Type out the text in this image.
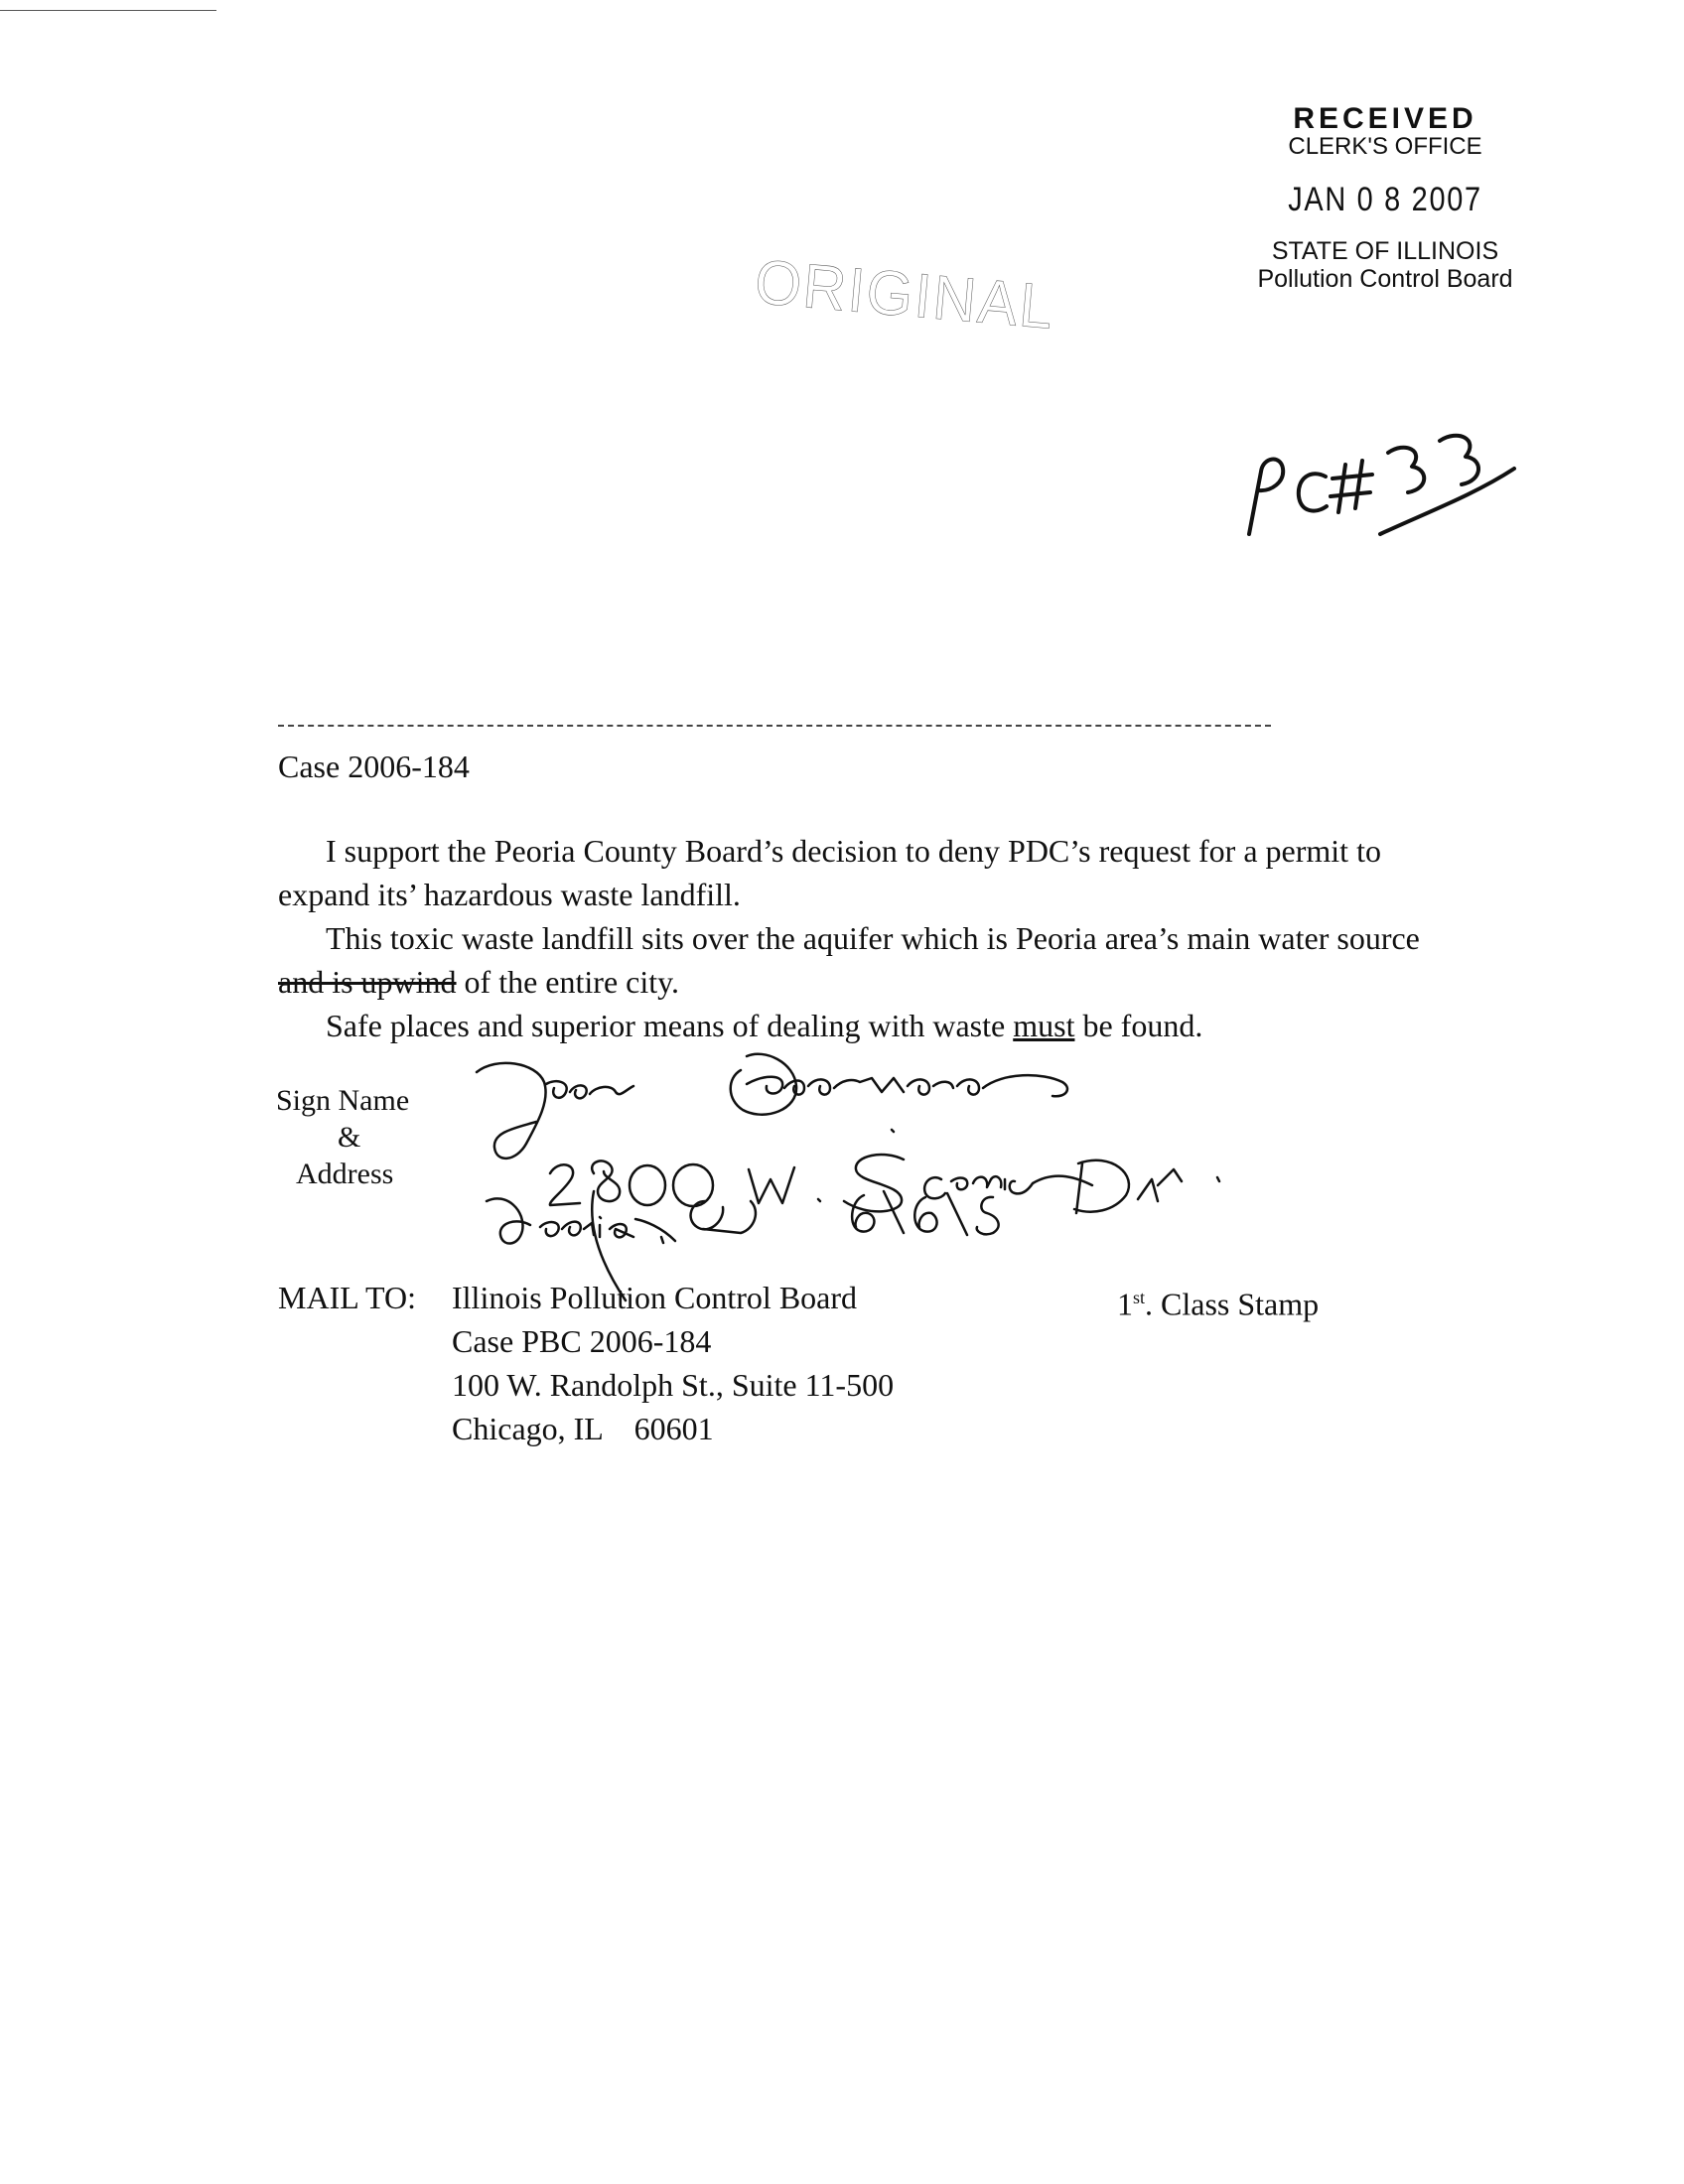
RECEIVED
CLERK'S OFFICE
JAN 0 8 2007
STATE OF ILLINOIS
Pollution Control Board
ORIGINAL
Case 2006-184

I support the Peoria County Board’s decision to deny PDC’s request for a permit to expand its’ hazardous waste landfill.

This toxic waste landfill sits over the aquifer which is Peoria area’s main water source and is upwind of the entire city.

Safe places and superior means of dealing with waste must be found.

Sign Name
&
Address
MAIL TO: Illinois Pollution Control Board
Case PBC 2006-184
100 W. Randolph St., Suite 11-500
Chicago, IL    60601
1st. Class Stamp
